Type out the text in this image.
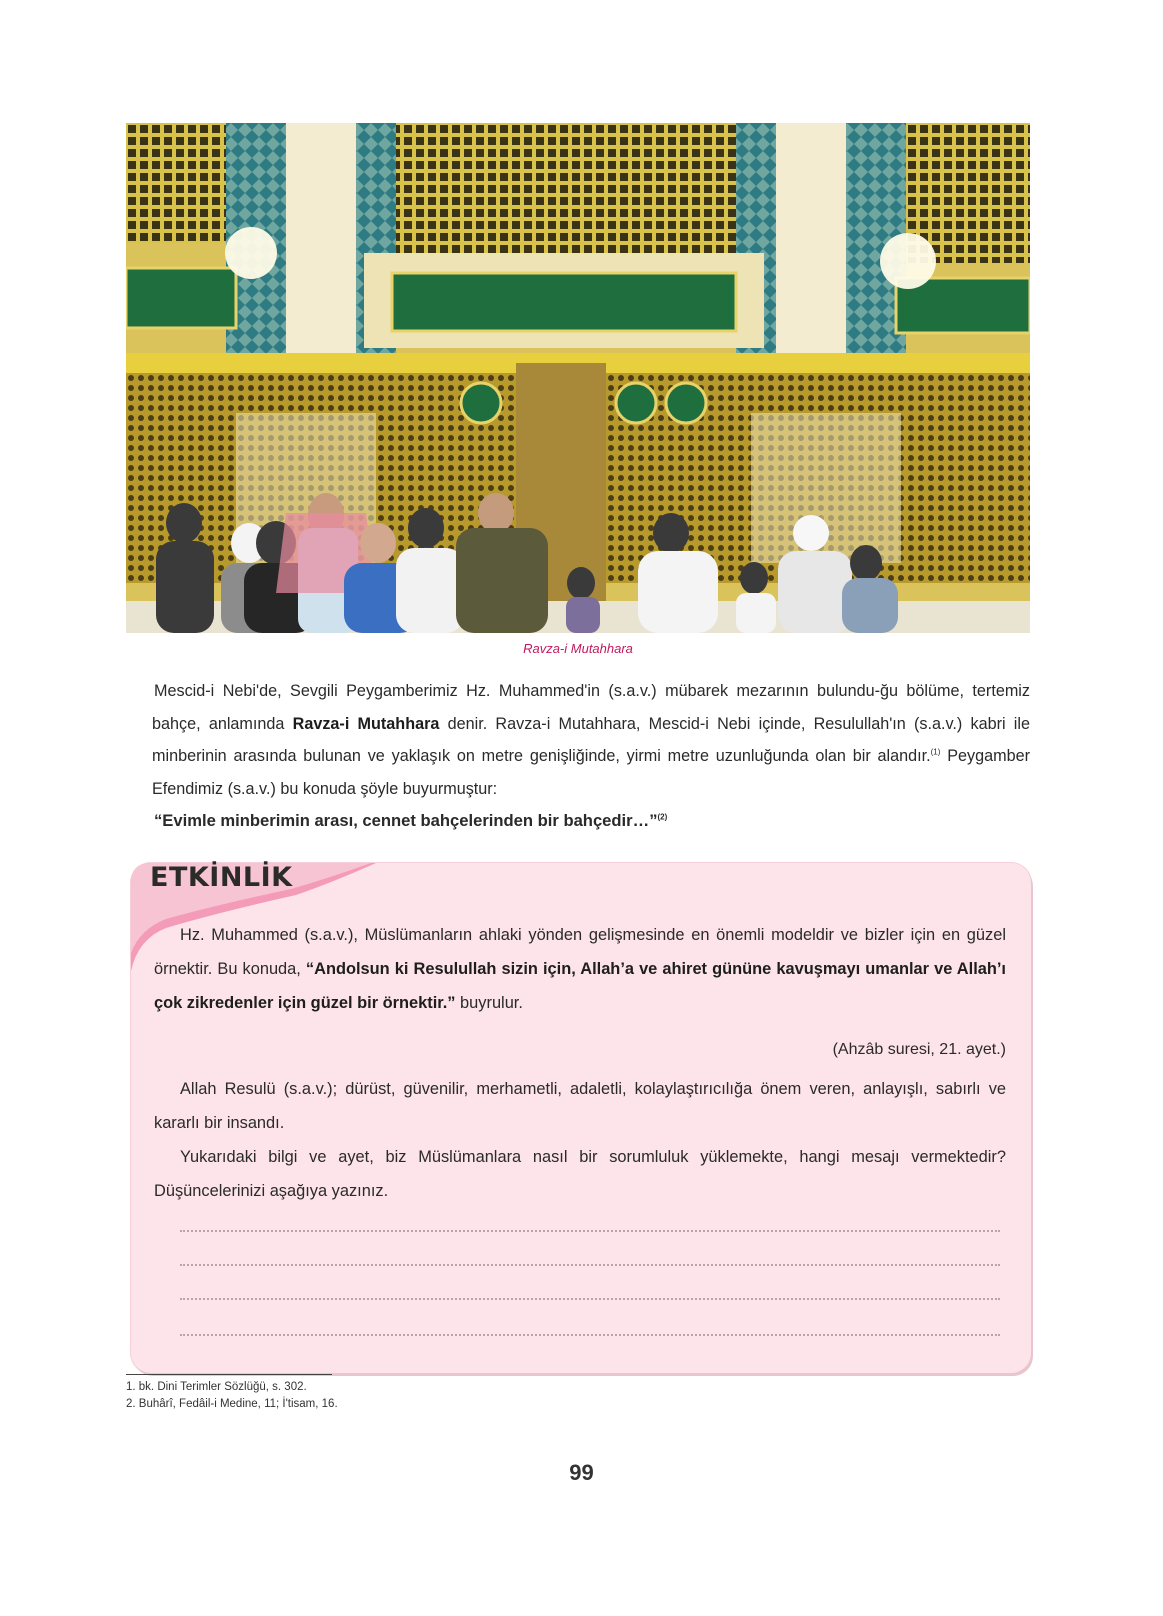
Ravza-i Mutahhara
Mescid-i Nebi'de, Sevgili Peygamberimiz Hz. Muhammed'in (s.a.v.) mübarek mezarının bulundu-ğu bölüme, tertemiz bahçe, anlamında Ravza-i Mutahhara denir. Ravza-i Mutahhara, Mescid-i Nebi içinde, Resulullah'ın (s.a.v.) kabri ile minberinin arasında bulunan ve yaklaşık on metre genişliğinde, yirmi metre uzunluğunda olan bir alandır.$^{(1)}$ Peygamber Efendimiz (s.a.v.) bu konuda şöyle buyurmuştur:
“Evimle minberimin arası, cennet bahçelerinden bir bahçedir…”$^{(2)}$
ETKİNLİK
Hz. Muhammed (s.a.v.), Müslümanların ahlaki yönden gelişmesinde en önemli modeldir ve bizler için en güzel örnektir. Bu konuda, “Andolsun ki Resulullah sizin için, Allah’a ve ahiret gününe kavuşmayı umanlar ve Allah’ı çok zikredenler için güzel bir örnektir.” buyrulur.
(Ahzâb suresi, 21. ayet.)
Allah Resulü (s.a.v.); dürüst, güvenilir, merhametli, adaletli, kolaylaştırıcılığa önem veren, anlayışlı, sabırlı ve kararlı bir insandı.
Yukarıdaki bilgi ve ayet, biz Müslümanlara nasıl bir sorumluluk yüklemekte, hangi mesajı vermektedir? Düşüncelerinizi aşağıya yazınız.
1. bk. Dini Terimler Sözlüğü, s. 302.
2. Buhârî, Fedâil-i Medine, 11; İ'tisam, 16.
99
